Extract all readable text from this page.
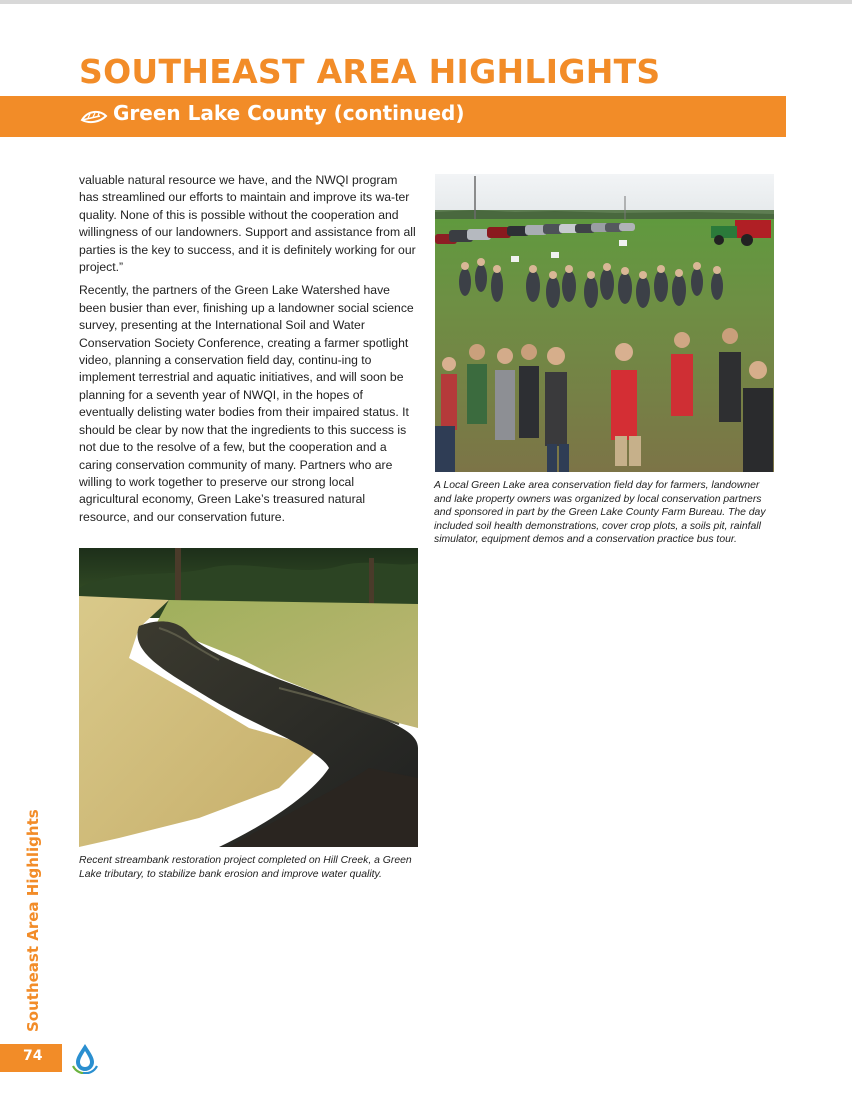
SOUTHEAST AREA HIGHLIGHTS
Green Lake County (continued)

valuable natural resource we have, and the NWQI program has streamlined our efforts to maintain and improve its wa-ter quality. None of this is possible without the cooperation and willingness of our landowners. Support and assistance from all parties is the key to success, and it is definitely working for our project.”

Recently, the partners of the Green Lake Watershed have been busier than ever, finishing up a landowner social science survey, presenting at the International Soil and Water Conservation Society Conference, creating a farmer spotlight video, planning a conservation field day, continu-ing to implement terrestrial and aquatic initiatives, and will soon be planning for a seventh year of NWQI, in the hopes of eventually delisting water bodies from their impaired status. It should be clear by now that the ingredients to this success is not due to the resolve of a few, but the cooperation and a caring conservation community of many. Partners who are willing to work together to preserve our strong local agricultural economy, Green Lake’s treasured natural resource, and our conservation future.

A Local Green Lake area conservation field day for farmers, landowner and lake property owners was organized by local conservation partners and sponsored in part by the Green Lake County Farm Bureau. The day included soil health demonstrations, cover crop plots, a soils pit, rainfall simulator, equipment demos and a conservation practice bus tour.
Recent streambank restoration project completed on Hill Creek, a Green Lake tributary, to stabilize bank erosion and improve water quality.
Southeast Area Highlights
74
